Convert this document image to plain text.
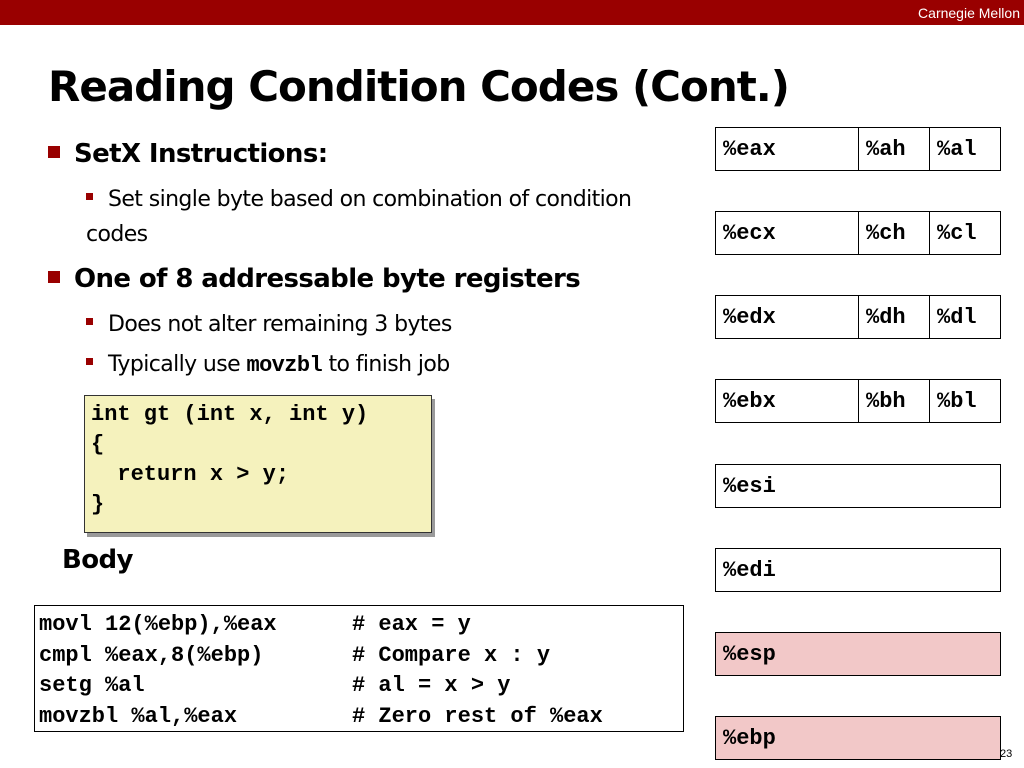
Carnegie Mellon
Reading Condition Codes (Cont.)
SetX Instructions:
Set single byte based on combination of condition codes
One of 8 addressable byte registers
Does not alter remaining 3 bytes
Typically use movzbl to finish job
int gt (int x, int y)
{
return x > y;
}
Body
movl 12(%ebp),%eax	# eax = y
cmpl %eax,8(%ebp)	# Compare x : y
setg %al	# al = x > y
movzbl %al,%eax	# Zero rest of %eax
%eax	%ah	%al
%ecx	%ch	%cl
%edx	%dh	%dl
%ebx	%bh	%bl
%esi
%edi
%esp
%ebp
23
